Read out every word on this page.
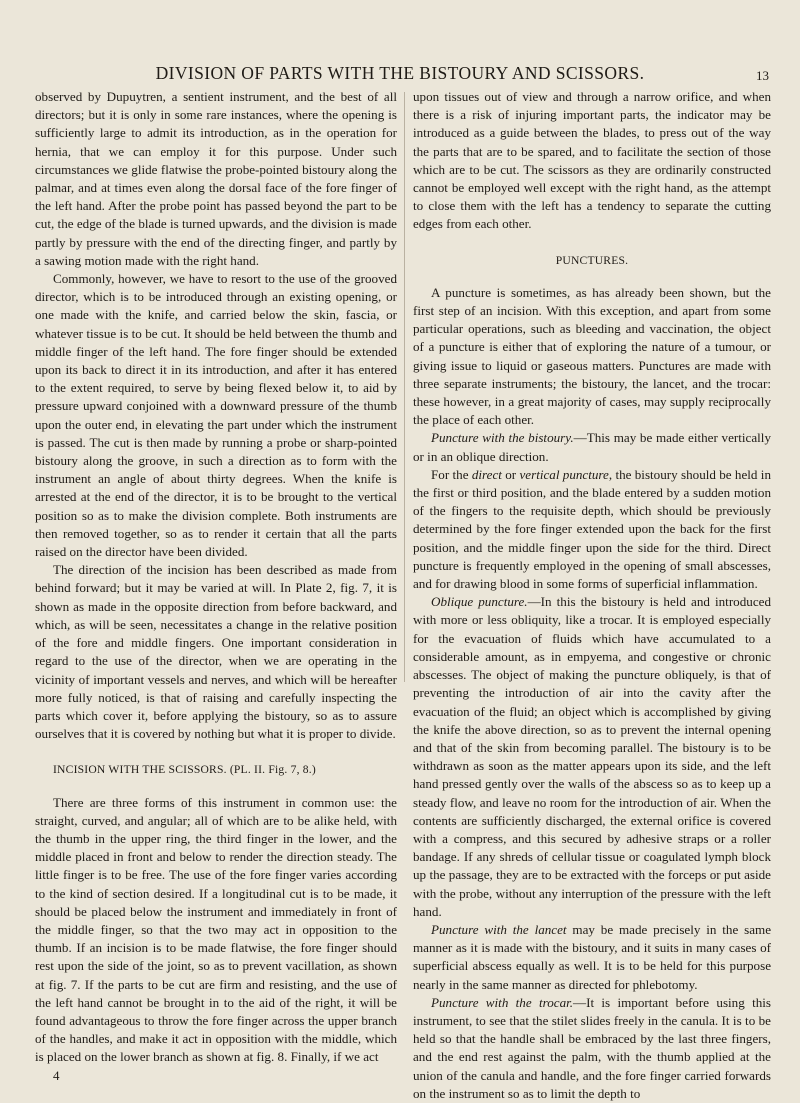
DIVISION OF PARTS WITH THE BISTOURY AND SCISSORS.	13

observed by Dupuytren, a sentient instrument, and the best of all directors; but it is only in some rare instances, where the opening is sufficiently large to admit its introduction, as in the operation for hernia, that we can employ it for this purpose. Under such circumstances we glide flatwise the probe-pointed bistoury along the palmar, and at times even along the dorsal face of the fore finger of the left hand. After the probe point has passed beyond the part to be cut, the edge of the blade is turned upwards, and the division is made partly by pressure with the end of the directing finger, and partly by a sawing motion made with the right hand.

Commonly, however, we have to resort to the use of the grooved director, which is to be introduced through an existing opening, or one made with the knife, and carried below the skin, fascia, or whatever tissue is to be cut. It should be held between the thumb and middle finger of the left hand. The fore finger should be extended upon its back to direct it in its introduction, and after it has entered to the extent required, to serve by being flexed below it, to aid by pressure upward conjoined with a downward pressure of the thumb upon the outer end, in elevating the part under which the instrument is passed. The cut is then made by running a probe or sharp-pointed bistoury along the groove, in such a direction as to form with the instrument an angle of about thirty degrees. When the knife is arrested at the end of the director, it is to be brought to the vertical position so as to make the division complete. Both instruments are then removed together, so as to render it certain that all the parts raised on the director have been divided.

The direction of the incision has been described as made from behind forward; but it may be varied at will. In Plate 2, fig. 7, it is shown as made in the opposite direction from before backward, and which, as will be seen, necessitates a change in the relative position of the fore and middle fingers. One important consideration in regard to the use of the director, when we are operating in the vicinity of important vessels and nerves, and which will be hereafter more fully noticed, is that of raising and carefully inspecting the parts which cover it, before applying the bistoury, so as to assure ourselves that it is covered by nothing but what it is proper to divide.

INCISION WITH THE SCISSORS. (PL. II. Fig. 7, 8.)

There are three forms of this instrument in common use: the straight, curved, and angular; all of which are to be alike held, with the thumb in the upper ring, the third finger in the lower, and the middle placed in front and below to render the direction steady. The little finger is to be free. The use of the fore finger varies according to the kind of section desired. If a longitudinal cut is to be made, it should be placed below the instrument and immediately in front of the middle finger, so that the two may act in opposition to the thumb. If an incision is to be made flatwise, the fore finger should rest upon the side of the joint, so as to prevent vacillation, as shown at fig. 7. If the parts to be cut are firm and resisting, and the use of the left hand cannot be brought in to the aid of the right, it will be found advantageous to throw the fore finger across the upper branch of the handles, and make it act in opposition with the middle, which is placed on the lower branch as shown at fig. 8. Finally, if we act

4

upon tissues out of view and through a narrow orifice, and when there is a risk of injuring important parts, the indicator may be introduced as a guide between the blades, to press out of the way the parts that are to be spared, and to facilitate the section of those which are to be cut. The scissors as they are ordinarily constructed cannot be employed well except with the right hand, as the attempt to close them with the left has a tendency to separate the cutting edges from each other.

PUNCTURES.

A puncture is sometimes, as has already been shown, but the first step of an incision. With this exception, and apart from some particular operations, such as bleeding and vaccination, the object of a puncture is either that of exploring the nature of a tumour, or giving issue to liquid or gaseous matters. Punctures are made with three separate instruments; the bistoury, the lancet, and the trocar: these however, in a great majority of cases, may supply reciprocally the place of each other.

Puncture with the bistoury.—This may be made either vertically or in an oblique direction.

For the direct or vertical puncture, the bistoury should be held in the first or third position, and the blade entered by a sudden motion of the fingers to the requisite depth, which should be previously determined by the fore finger extended upon the back for the first position, and the middle finger upon the side for the third. Direct puncture is frequently employed in the opening of small abscesses, and for drawing blood in some forms of superficial inflammation.

Oblique puncture.—In this the bistoury is held and introduced with more or less obliquity, like a trocar. It is employed especially for the evacuation of fluids which have accumulated to a considerable amount, as in empyema, and congestive or chronic abscesses. The object of making the puncture obliquely, is that of preventing the introduction of air into the cavity after the evacuation of the fluid; an object which is accomplished by giving the knife the above direction, so as to prevent the internal opening and that of the skin from becoming parallel. The bistoury is to be withdrawn as soon as the matter appears upon its side, and the left hand pressed gently over the walls of the abscess so as to keep up a steady flow, and leave no room for the introduction of air. When the contents are sufficiently discharged, the external orifice is covered with a compress, and this secured by adhesive straps or a roller bandage. If any shreds of cellular tissue or coagulated lymph block up the passage, they are to be extracted with the forceps or put aside with the probe, without any interruption of the pressure with the left hand.

Puncture with the lancet may be made precisely in the same manner as it is made with the bistoury, and it suits in many cases of superficial abscess equally as well. It is to be held for this purpose nearly in the same manner as directed for phlebotomy.

Puncture with the trocar.—It is important before using this instrument, to see that the stilet slides freely in the canula. It is to be held so that the handle shall be embraced by the last three fingers, and the end rest against the palm, with the thumb applied at the union of the canula and handle, and the fore finger carried forwards on the instrument so as to limit the depth to
